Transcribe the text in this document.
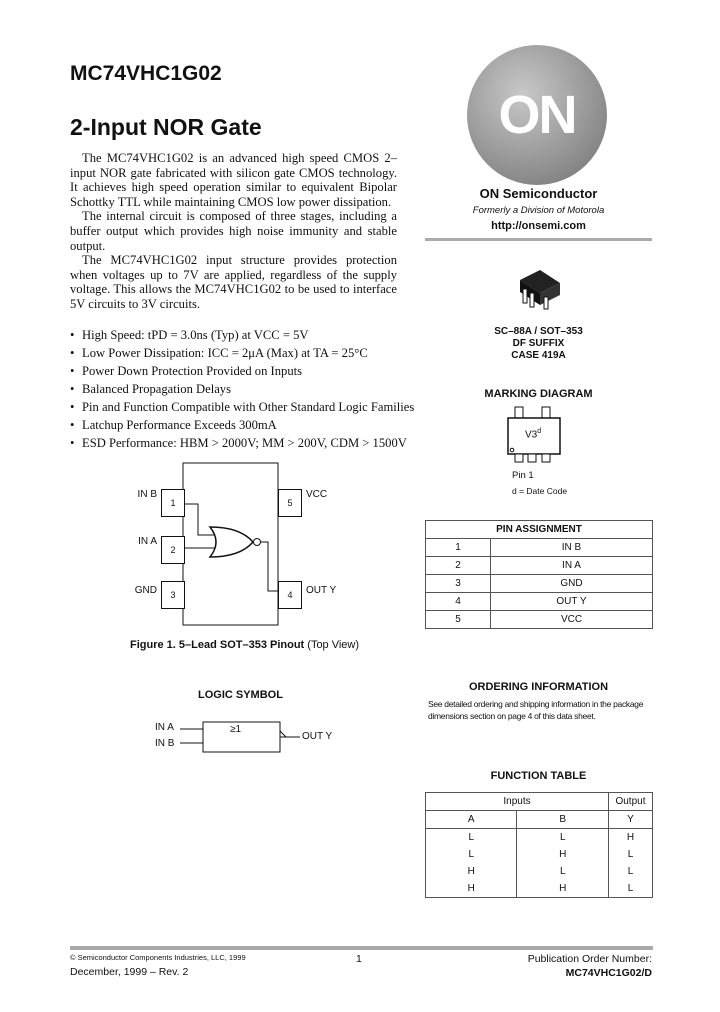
MC74VHC1G02
2-Input NOR Gate

The MC74VHC1G02 is an advanced high speed CMOS 2–input NOR gate fabricated with silicon gate CMOS technology. It achieves high speed operation similar to equivalent Bipolar Schottky TTL while maintaining CMOS low power dissipation.

The internal circuit is composed of three stages, including a buffer output which provides high noise immunity and stable output.

The MC74VHC1G02 input structure provides protection when voltages up to 7V are applied, regardless of the supply voltage. This allows the MC74VHC1G02 to be used to interface 5V circuits to 3V circuits.

• High Speed: tPD = 3.0ns (Typ) at VCC = 5V
• Low Power Dissipation: ICC = 2μA (Max) at TA = 25°C
• Power Down Protection Provided on Inputs
• Balanced Propagation Delays
• Pin and Function Compatible with Other Standard Logic Families
• Latchup Performance Exceeds 300mA
• ESD Performance: HBM > 2000V; MM > 200V, CDM > 1500V
1
2
3	4
5
IN B
IN A
GND	OUT Y
VCC
Figure 1. 5–Lead SOT–353 Pinout (Top View)
LOGIC SYMBOL
≥1
IN A
IN B
OUT Y
ON
ON Semiconductor
Formerly a Division of Motorola
http://onsemi.com
SC–88A / SOT–353
DF SUFFIX
CASE 419A
MARKING DIAGRAM
V3$^d$
Pin 1
d = Date Code
PIN ASSIGNMENT	
1	IN B
2	IN A
3	GND
4	OUT Y
5	VCC
ORDERING INFORMATION
See detailed ordering and shipping information in the package dimensions section on page 4 of this data sheet.
FUNCTION TABLE
Inputs		Output
A	B	Y
L	L	H
L	H	L
H	L	L
H	H	L
© Semiconductor Components Industries, LLC, 1999
December, 1999 – Rev. 2
1	Publication Order Number:
MC74VHC1G02/D
